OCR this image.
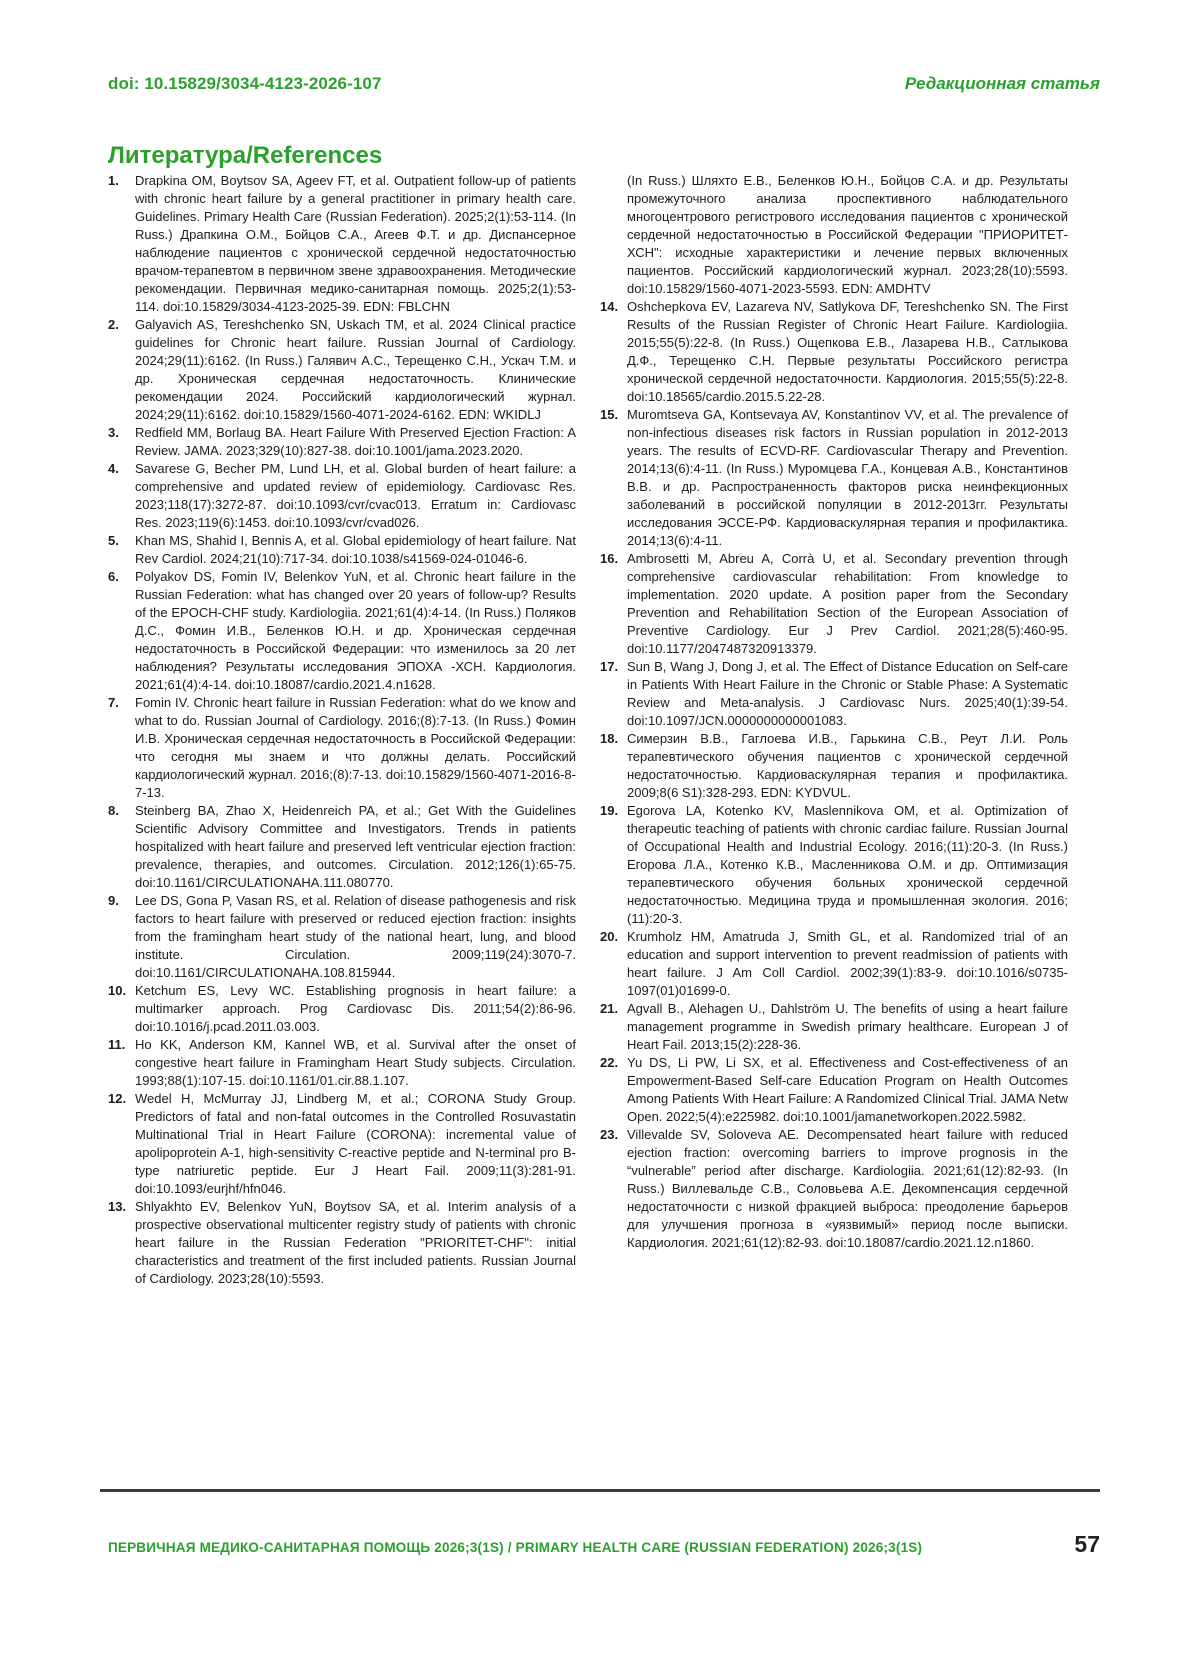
doi: 10.15829/3034-4123-2026-107	Редакционная статья
Литература/References
1. Drapkina OM, Boytsov SA, Ageev FT, et al. Outpatient follow-up of patients with chronic heart failure by a general practitioner in primary health care. Guidelines. Primary Health Care (Russian Federation). 2025;2(1):53-114. (In Russ.) Драпкина О.М., Бойцов С.А., Агеев Ф.Т. и др. Диспансерное наблюдение пациентов с хронической сердечной недостаточностью врачом-терапевтом в первичном звене здравоохранения. Методические рекомендации. Первичная медико-санитарная помощь. 2025;2(1):53-114. doi:10.15829/3034-4123-2025-39. EDN: FBLCHN
2. Galyavich AS, Tereshchenko SN, Uskach TM, et al. 2024 Clinical practice guidelines for Chronic heart failure. Russian Journal of Cardiology. 2024;29(11):6162. (In Russ.) Галявич А.С., Терещенко С.Н., Ускач Т.М. и др. Хроническая сердечная недостаточность. Клинические рекомендации 2024. Российский кардиологический журнал. 2024;29(11):6162. doi:10.15829/1560-4071-2024-6162. EDN: WKIDLJ
3. Redfield MM, Borlaug BA. Heart Failure With Preserved Ejection Fraction: A Review. JAMA. 2023;329(10):827-38. doi:10.1001/jama.2023.2020.
4. Savarese G, Becher PM, Lund LH, et al. Global burden of heart failure: a comprehensive and updated review of epidemiology. Cardiovasc Res. 2023;118(17):3272-87. doi:10.1093/cvr/cvac013. Erratum in: Cardiovasc Res. 2023;119(6):1453. doi:10.1093/cvr/cvad026.
5. Khan MS, Shahid I, Bennis A, et al. Global epidemiology of heart failure. Nat Rev Cardiol. 2024;21(10):717-34. doi:10.1038/s41569-024-01046-6.
6. Polyakov DS, Fomin IV, Belenkov YuN, et al. Chronic heart failure in the Russian Federation: what has changed over 20 years of follow-up? Results of the EPOCH-CHF study. Kardiologiia. 2021;61(4):4-14. (In Russ.) Поляков Д.С., Фомин И.В., Беленков Ю.Н. и др. Хроническая сердечная недостаточность в Российской Федерации: что изменилось за 20 лет наблюдения? Результаты исследования ЭПОХА -ХСН. Кардиология. 2021;61(4):4-14. doi:10.18087/cardio.2021.4.n1628.
7. Fomin IV. Chronic heart failure in Russian Federation: what do we know and what to do. Russian Journal of Cardiology. 2016;(8):7-13. (In Russ.) Фомин И.В. Хроническая сердечная недостаточность в Российской Федерации: что сегодня мы знаем и что должны делать. Российский кардиологический журнал. 2016;(8):7-13. doi:10.15829/1560-4071-2016-8-7-13.
8. Steinberg BA, Zhao X, Heidenreich PA, et al.; Get With the Guidelines Scientific Advisory Committee and Investigators. Trends in patients hospitalized with heart failure and preserved left ventricular ejection fraction: prevalence, therapies, and outcomes. Circulation. 2012;126(1):65-75. doi:10.1161/CIRCULATIONAHA.111.080770.
9. Lee DS, Gona P, Vasan RS, et al. Relation of disease pathogenesis and risk factors to heart failure with preserved or reduced ejection fraction: insights from the framingham heart study of the national heart, lung, and blood institute. Circulation. 2009;119(24):3070-7. doi:10.1161/CIRCULATIONAHA.108.815944.
10. Ketchum ES, Levy WC. Establishing prognosis in heart failure: a multimarker approach. Prog Cardiovasc Dis. 2011;54(2):86-96. doi:10.1016/j.pcad.2011.03.003.
11. Ho KK, Anderson KM, Kannel WB, et al. Survival after the onset of congestive heart failure in Framingham Heart Study subjects. Circulation. 1993;88(1):107-15. doi:10.1161/01.cir.88.1.107.
12. Wedel H, McMurray JJ, Lindberg M, et al.; CORONA Study Group. Predictors of fatal and non-fatal outcomes in the Controlled Rosuvastatin Multinational Trial in Heart Failure (CORONA): incremental value of apolipoprotein A-1, high-sensitivity C-reactive peptide and N-terminal pro B-type natriuretic peptide. Eur J Heart Fail. 2009;11(3):281-91. doi:10.1093/eurjhf/hfn046.
13. Shlyakhto EV, Belenkov YuN, Boytsov SA, et al. Interim analysis of a prospective observational multicenter registry study of patients with chronic heart failure in the Russian Federation "PRIORITET-CHF": initial characteristics and treatment of the first included patients. Russian Journal of Cardiology. 2023;28(10):5593.
(In Russ.) Шляхто Е.В., Беленков Ю.Н., Бойцов С.А. и др. Результаты промежуточного анализа проспективного наблюдательного многоцентрового регистрового исследования пациентов с хронической сердечной недостаточностью в Российской Федерации "ПРИОРИТЕТ-ХСН": исходные характеристики и лечение первых включенных пациентов. Российский кардиологический журнал. 2023;28(10):5593. doi:10.15829/1560-4071-2023-5593. EDN: AMDHTV
14. Oshchepkova EV, Lazareva NV, Satlykova DF, Tereshchenko SN. The First Results of the Russian Register of Chronic Heart Failure. Kardiologiia. 2015;55(5):22-8. (In Russ.) Ощепкова Е.В., Лазарева Н.В., Сатлыкова Д.Ф., Терещенко С.Н. Первые результаты Российского регистра хронической сердечной недостаточности. Кардиология. 2015;55(5):22-8. doi:10.18565/cardio.2015.5.22-28.
15. Muromtseva GA, Kontsevaya AV, Konstantinov VV, et al. The prevalence of non-infectious diseases risk factors in Russian population in 2012-2013 years. The results of ECVD-RF. Cardiovascular Therapy and Prevention. 2014;13(6):4-11. (In Russ.) Муромцева Г.А., Концевая А.В., Константинов В.В. и др. Распространенность факторов риска неинфекционных заболеваний в российской популяции в 2012-2013гг. Результаты исследования ЭССЕ-РФ. Кардиоваскулярная терапия и профилактика. 2014;13(6):4-11.
16. Ambrosetti M, Abreu A, Corrà U, et al. Secondary prevention through comprehensive cardiovascular rehabilitation: From knowledge to implementation. 2020 update. A position paper from the Secondary Prevention and Rehabilitation Section of the European Association of Preventive Cardiology. Eur J Prev Cardiol. 2021;28(5):460-95. doi:10.1177/2047487320913379.
17. Sun B, Wang J, Dong J, et al. The Effect of Distance Education on Self-care in Patients With Heart Failure in the Chronic or Stable Phase: A Systematic Review and Meta-analysis. J Cardiovasc Nurs. 2025;40(1):39-54. doi:10.1097/JCN.0000000000001083.
18. Симерзин В.В., Гаглоева И.В., Гарькина С.В., Реут Л.И. Роль терапевтического обучения пациентов с хронической сердечной недостаточностью. Кардиоваскулярная терапия и профилактика. 2009;8(6 S1):328-293. EDN: KYDVUL.
19. Egorova LA, Kotenko KV, Maslennikova OM, et al. Optimization of therapeutic teaching of patients with chronic cardiac failure. Russian Journal of Occupational Health and Industrial Ecology. 2016;(11):20-3. (In Russ.) Егорова Л.А., Котенко К.В., Масленникова О.М. и др. Оптимизация терапевтического обучения больных хронической сердечной недостаточностью. Медицина труда и промышленная экология. 2016;(11):20-3.
20. Krumholz HM, Amatruda J, Smith GL, et al. Randomized trial of an education and support intervention to prevent readmission of patients with heart failure. J Am Coll Cardiol. 2002;39(1):83-9. doi:10.1016/s0735-1097(01)01699-0.
21. Agvall B., Alehagen U., Dahlström U. The benefits of using a heart failure management programme in Swedish primary healthcare. European J of Heart Fail. 2013;15(2):228-36.
22. Yu DS, Li PW, Li SX, et al. Effectiveness and Cost-effectiveness of an Empowerment-Based Self-care Education Program on Health Outcomes Among Patients With Heart Failure: A Randomized Clinical Trial. JAMA Netw Open. 2022;5(4):e225982. doi:10.1001/jamanetworkopen.2022.5982.
23. Villevalde SV, Soloveva AE. Decompensated heart failure with reduced ejection fraction: overcoming barriers to improve prognosis in the “vulnerable” period after discharge. Kardiologiia. 2021;61(12):82-93. (In Russ.) Виллевальде С.В., Соловьева А.Е. Декомпенсация сердечной недостаточности с низкой фракцией выброса: преодоление барьеров для улучшения прогноза в «уязвимый» период после выписки. Кардиология. 2021;61(12):82-93. doi:10.18087/cardio.2021.12.n1860.
ПЕРВИЧНАЯ МЕДИКО-САНИТАРНАЯ ПОМОЩЬ 2026;3(1S) / PRIMARY HEALTH CARE (RUSSIAN FEDERATION) 2026;3(1S)	57
